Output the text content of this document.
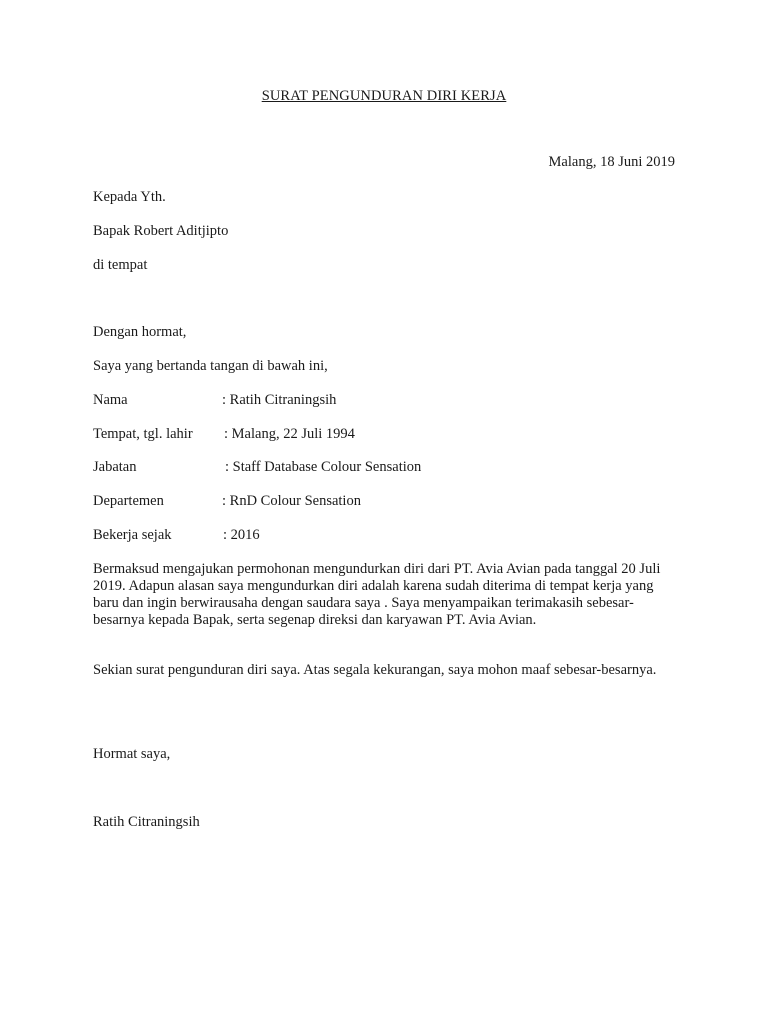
SURAT PENGUNDURAN DIRI KERJA
Malang, 18 Juni 2019
Kepada Yth.
Bapak Robert Aditjipto
di tempat
Dengan hormat,
Saya yang bertanda tangan di bawah ini,
Nama	: Ratih Citraningsih
Tempat, tgl. lahir : Malang, 22 Juli 1994
Jabatan	: Staff Database Colour Sensation
Departemen	: RnD Colour Sensation
Bekerja sejak	: 2016
Bermaksud mengajukan permohonan mengundurkan diri dari PT. Avia Avian pada tanggal 20 Juli 2019. Adapun alasan saya mengundurkan diri adalah karena sudah diterima di tempat kerja yang baru dan ingin berwirausaha dengan saudara saya . Saya menyampaikan terimakasih sebesar-besarnya kepada Bapak, serta segenap direksi dan karyawan PT. Avia Avian.
Sekian surat pengunduran diri saya. Atas segala kekurangan, saya mohon maaf sebesar-besarnya.
Hormat saya,
Ratih Citraningsih
